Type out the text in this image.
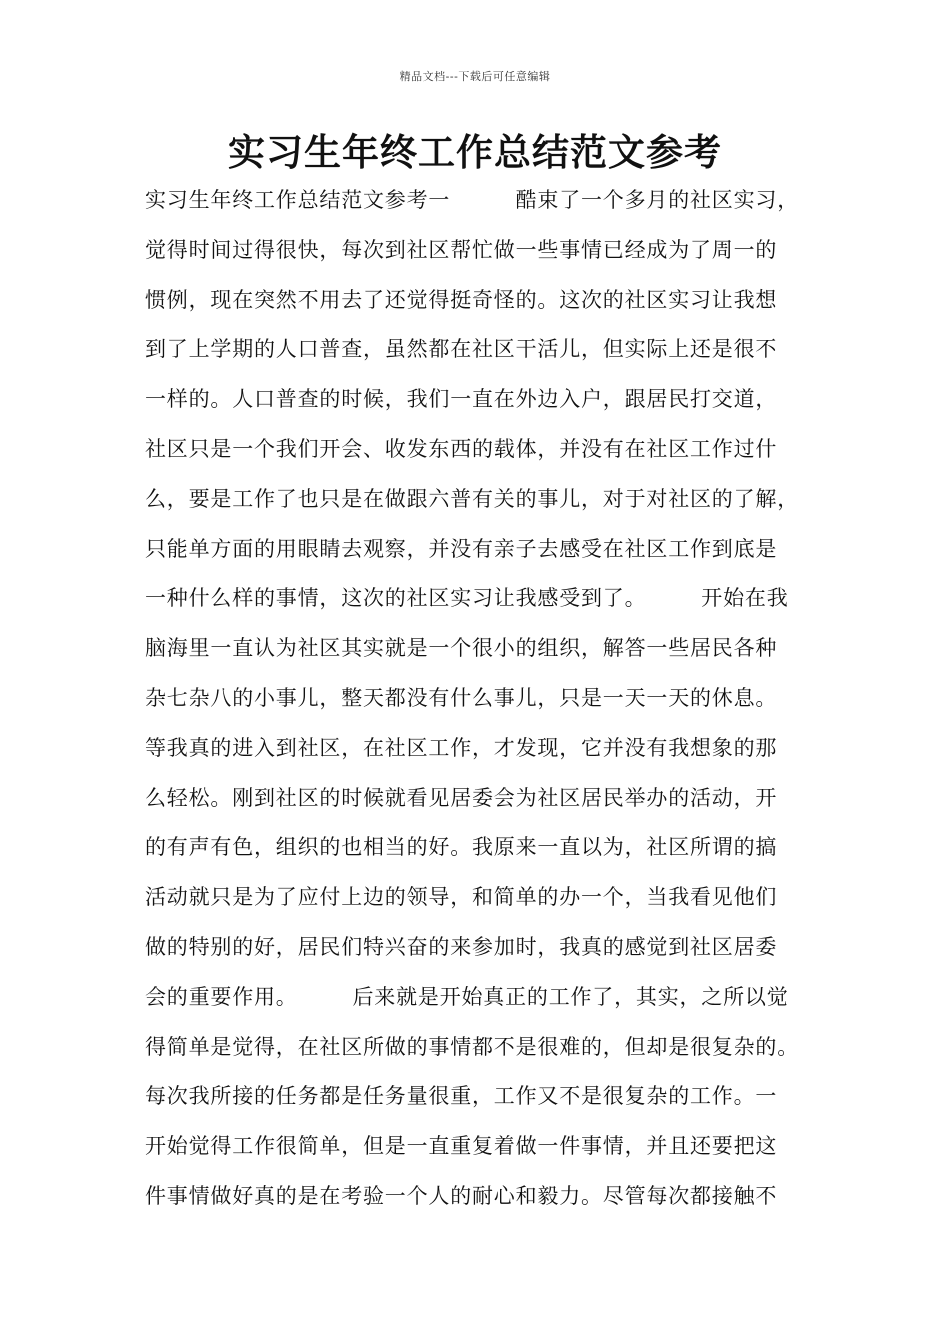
精品文档---下载后可任意编辑
实习生年终工作总结范文参考
实习生年终工作总结范文参考一　　　酷束了一个多月的社区实习，
觉得时间过得很快，每次到社区帮忙做一些事情已经成为了周一的
惯例，现在突然不用去了还觉得挺奇怪的。这次的社区实习让我想
到了上学期的人口普查，虽然都在社区干活儿，但实际上还是很不
一样的。人口普查的时候，我们一直在外边入户，跟居民打交道，
社区只是一个我们开会、收发东西的载体，并没有在社区工作过什
么，要是工作了也只是在做跟六普有关的事儿，对于对社区的了解，
只能单方面的用眼睛去观察，并没有亲子去感受在社区工作到底是
一种什么样的事情，这次的社区实习让我感受到了。　　　开始在我
脑海里一直认为社区其实就是一个很小的组织，解答一些居民各种
杂七杂八的小事儿，整天都没有什么事儿，只是一天一天的休息。
等我真的进入到社区，在社区工作，才发现，它并没有我想象的那
么轻松。刚到社区的时候就看见居委会为社区居民举办的活动，开
的有声有色，组织的也相当的好。我原来一直以为，社区所谓的搞
活动就只是为了应付上边的领导，和简单的办一个，当我看见他们
做的特别的好，居民们特兴奋的来参加时，我真的感觉到社区居委
会的重要作用。　　　后来就是开始真正的工作了，其实，之所以觉
得简单是觉得，在社区所做的事情都不是很难的，但却是很复杂的。
每次我所接的任务都是任务量很重，工作又不是很复杂的工作。一
开始觉得工作很简单，但是一直重复着做一件事情，并且还要把这
件事情做好真的是在考验一个人的耐心和毅力。尽管每次都接触不
